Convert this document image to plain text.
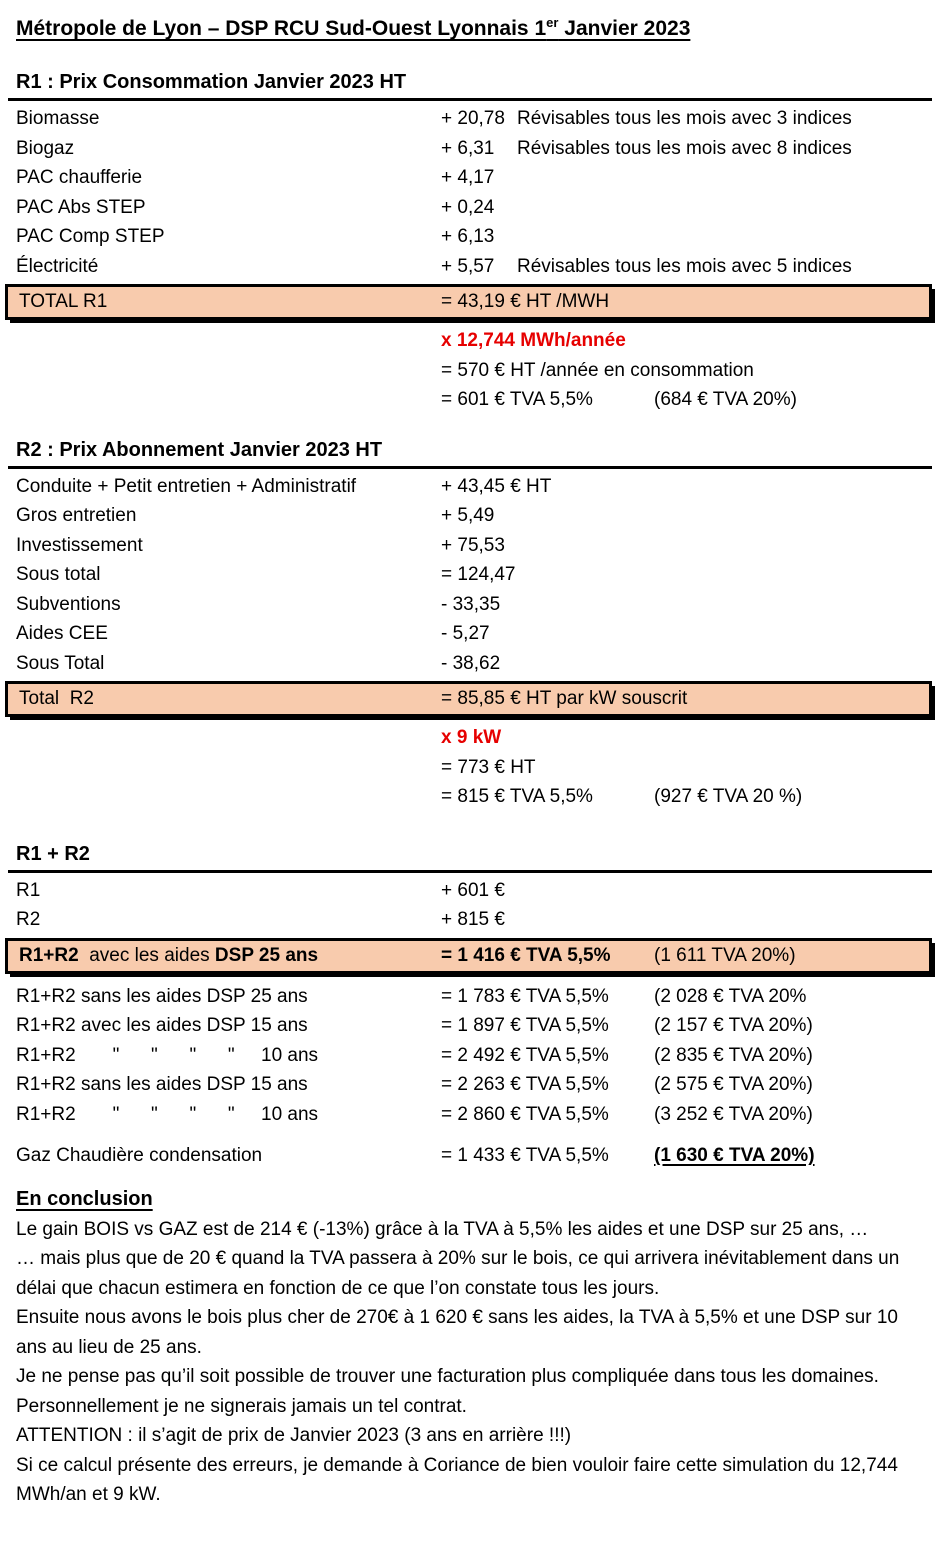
Métropole de Lyon – DSP RCU Sud-Ouest Lyonnais 1er Janvier 2023
R1 : Prix Consommation Janvier 2023 HT
Biomasse	+ 20,78 Révisables tous les mois avec 3 indices
Biogaz	+ 6,31 Révisables tous les mois avec 8 indices
PAC chaufferie	+ 4,17
PAC Abs STEP	+ 0,24
PAC Comp STEP	+ 6,13
Électricité	+ 5,57 Révisables tous les mois avec 5 indices
TOTAL R1	= 43,19 € HT /MWH
x 12,744 MWh/année
= 570 € HT /année en consommation
= 601 € TVA 5,5%	(684 € TVA 20%)
R2 : Prix Abonnement Janvier 2023 HT
Conduite + Petit entretien + Administratif	+ 43,45 € HT
Gros entretien	+ 5,49
Investissement	+ 75,53
Sous total	= 124,47
Subventions	- 33,35
Aides CEE	- 5,27
Sous Total	- 38,62
Total  R2	= 85,85 € HT par kW souscrit
x 9 kW
= 773 € HT
= 815 € TVA 5,5%	(927 € TVA 20 %)
R1 + R2
R1	+ 601 €
R2	+ 815 €
R1+R2  avec les aides DSP 25 ans	= 1 416 € TVA 5,5% (1 611 TVA 20%)
R1+R2 sans les aides DSP 25 ans	= 1 783 € TVA 5,5% (2 028 € TVA 20%
R1+R2 avec les aides DSP 15 ans	= 1 897 € TVA 5,5% (2 157 € TVA 20%)
R1+R2       "      "      "      "     10 ans	= 2 492 € TVA 5,5% (2 835 € TVA 20%)
R1+R2 sans les aides DSP 15 ans	= 2 263 € TVA 5,5% (2 575 € TVA 20%)
R1+R2       "      "      "      "     10 ans	= 2 860 € TVA 5,5% (3 252 € TVA 20%)
Gaz Chaudière condensation	= 1 433 € TVA 5,5% (1 630 € TVA 20%)
En conclusion
Le gain BOIS vs GAZ est de 214 € (-13%) grâce à la TVA à 5,5% les aides et une DSP sur 25 ans, …
… mais plus que de 20 € quand la TVA passera à 20% sur le bois, ce qui arrivera inévitablement dans un délai que chacun estimera en fonction de ce que l’on constate tous les jours.
Ensuite nous avons le bois plus cher de 270€ à 1 620 € sans les aides, la TVA à 5,5% et une DSP sur 10 ans au lieu de 25 ans.
Je ne pense pas qu’il soit possible de trouver une facturation plus compliquée dans tous les domaines. Personnellement je ne signerais jamais un tel contrat.
ATTENTION : il s’agit de prix de Janvier 2023 (3 ans en arrière !!!)
Si ce calcul présente des erreurs, je demande à Coriance de bien vouloir faire cette simulation du 12,744 MWh/an et 9 kW.
